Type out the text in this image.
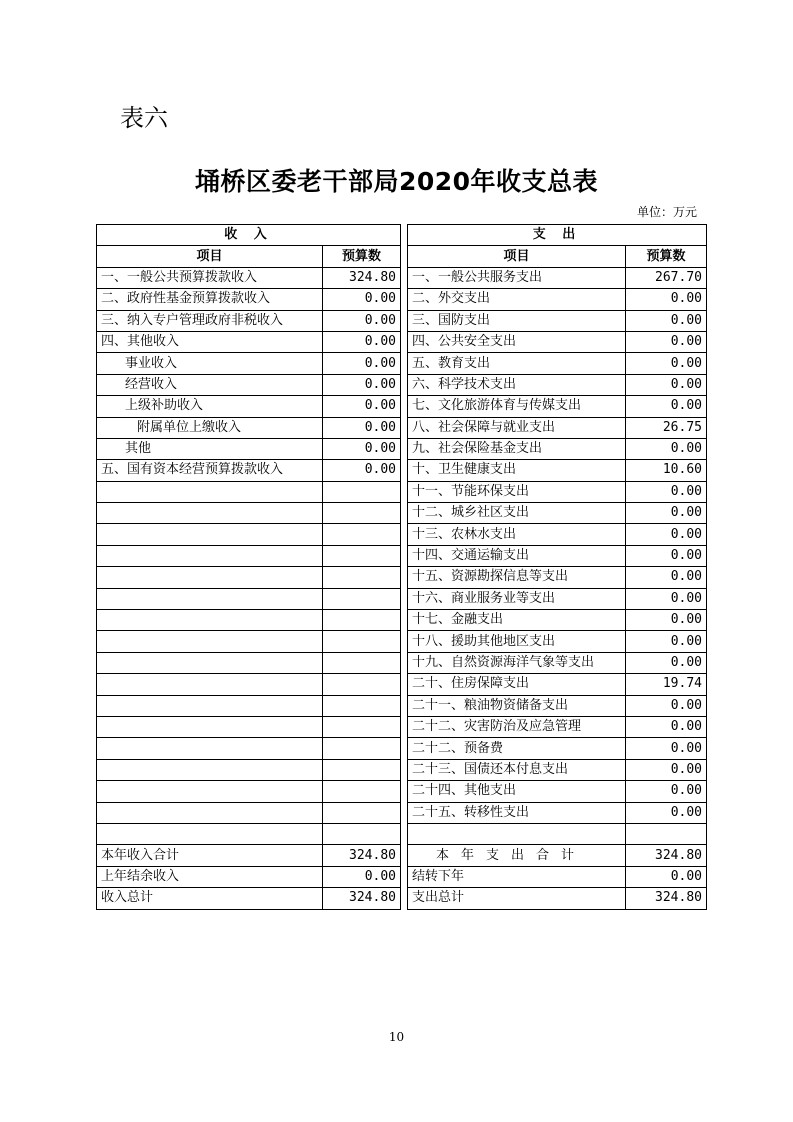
表六
埇桥区委老干部局2020年收支总表
单位：万元
收 入			支 出	
项目	预算数		项目	预算数
一、一般公共预算拨款收入	324.80		一、一般公共服务支出	267.70
二、政府性基金预算拨款收入	0.00		二、外交支出	0.00
三、纳入专户管理政府非税收入	0.00		三、国防支出	0.00
四、其他收入	0.00		四、公共安全支出	0.00
事业收入	0.00		五、教育支出	0.00
经营收入	0.00		六、科学技术支出	0.00
上级补助收入	0.00		七、文化旅游体育与传媒支出	0.00
附属单位上缴收入	0.00		八、社会保障与就业支出	26.75
其他	0.00		九、社会保险基金支出	0.00
五、国有资本经营预算拨款收入	0.00		十、卫生健康支出	10.60
			十一、节能环保支出	0.00
			十二、城乡社区支出	0.00
			十三、农林水支出	0.00
			十四、交通运输支出	0.00
			十五、资源勘探信息等支出	0.00
			十六、商业服务业等支出	0.00
			十七、金融支出	0.00
			十八、援助其他地区支出	0.00
			十九、自然资源海洋气象等支出	0.00
			二十、住房保障支出	19.74
			二十一、粮油物资储备支出	0.00
			二十二、灾害防治及应急管理	0.00
			二十二、预备费	0.00
			二十三、国债还本付息支出	0.00
			二十四、其他支出	0.00
			二十五、转移性支出	0.00

本年收入合计	324.80		本年支出合计	324.80
上年结余收入	0.00		结转下年	0.00
收入总计	324.80		支出总计	324.80
10
